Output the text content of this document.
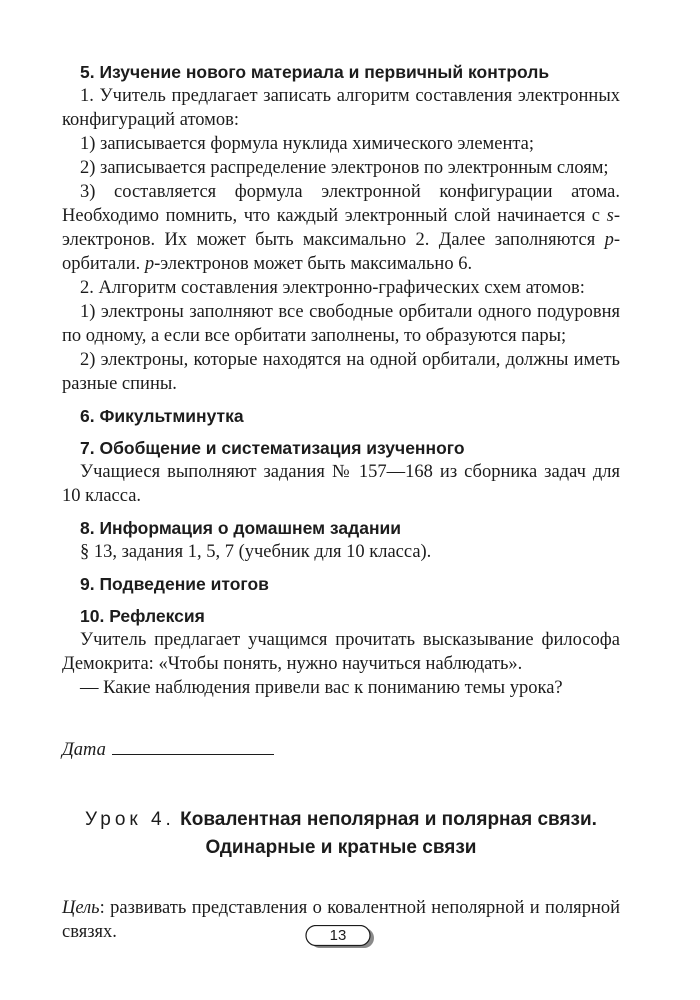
5. Изучение нового материала и первичный контроль

1. Учитель предлагает записать алгоритм составления электронных конфигураций атомов:

1) записывается формула нуклида химического элемента;

2) записывается распределение электронов по электронным слоям;

3) составляется формула электронной конфигурации атома. Необходимо помнить, что каждый электронный слой начинается с s-электронов. Их может быть максимально 2. Далее заполняются p-орбитали. p-электронов может быть максимально 6.

2. Алгоритм составления электронно-графических схем атомов:

1) электроны заполняют все свободные орбитали одного подуровня по одному, а если все орбитати заполнены, то образуются пары;

2) электроны, которые находятся на одной орбитали, должны иметь разные спины.

6. Фикультминутка

7. Обобщение и систематизация изученного

Учащиеся выполняют задания № 157—168 из сборника задач для 10 класса.

8. Информация о домашнем задании

§ 13, задания 1, 5, 7 (учебник для 10 класса).

9. Подведение итогов

10. Рефлексия

Учитель предлагает учащимся прочитать высказывание философа Демокрита: «Чтобы понять, нужно научиться наблюдать».

— Какие наблюдения привели вас к пониманию темы урока?

Дата
Урок 4. Ковалентная неполярная и полярная связи.
Одинарные и кратные связи

Цель: развивать представления о ковалентной неполярной и полярной связях.	13
